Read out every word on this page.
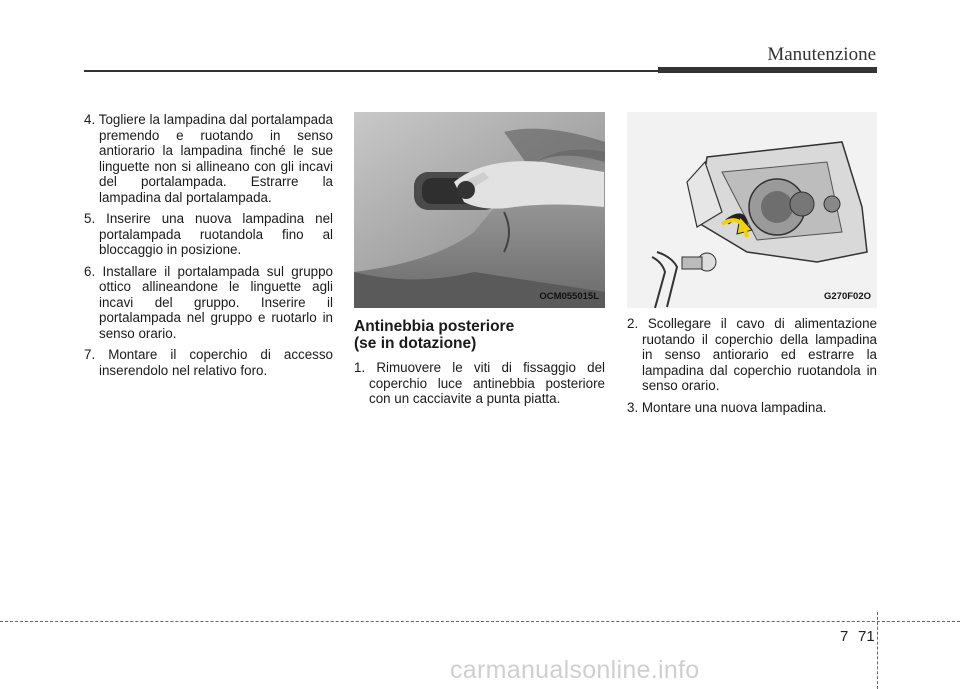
Manutenzione

4. Togliere la lampadina dal portalampada premendo e ruotando in senso antiorario la lampadina finché le sue linguette non si allineano con gli incavi del portalampada. Estrarre la lampadina dal portalampada.

5. Inserire una nuova lampadina nel portalampada ruotandola fino al bloccaggio in posizione.

6. Installare il portalampada sul gruppo ottico allineandone le linguette agli incavi del gruppo. Inserire il portalampada nel gruppo e ruotarlo in senso orario.

7. Montare il coperchio di accesso inserendolo nel relativo foro.

OCM055015L
Antinebbia posteriore
(se in dotazione)

1. Rimuovere le viti di fissaggio del coperchio luce antinebbia posteriore con un cacciavite a punta piatta.

G270F02O

2. Scollegare il cavo di alimentazione ruotando il coperchio della lampadina in senso antiorario ed estrarre la lampadina dal coperchio ruotandola in senso orario.

3. Montare una nuova lampadina.

7 71
carmanualsonline.info
